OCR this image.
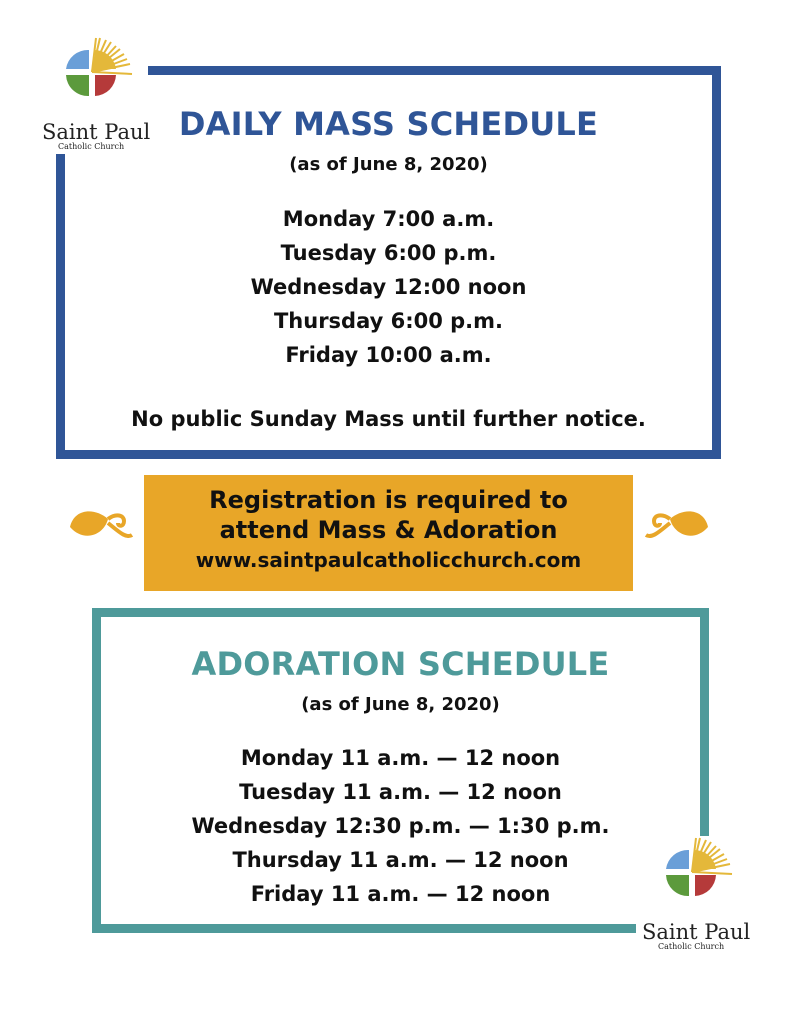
DAILY MASS SCHEDULE
(as of June 8, 2020)
Monday 7:00 a.m.
Tuesday 6:00 p.m.
Wednesday 12:00 noon
Thursday 6:00 p.m.
Friday 10:00 a.m.
No public Sunday Mass until further notice.
Saint Paul
Catholic Church
Registration is required to
attend Mass & Adoration
www.saintpaulcatholicchurch.com
ADORATION SCHEDULE
(as of June 8, 2020)
Monday 11 a.m. — 12 noon
Tuesday 11 a.m. — 12 noon
Wednesday 12:30 p.m. — 1:30 p.m.
Thursday 11 a.m. — 12 noon
Friday 11 a.m. — 12 noon
Saint Paul
Catholic Church
